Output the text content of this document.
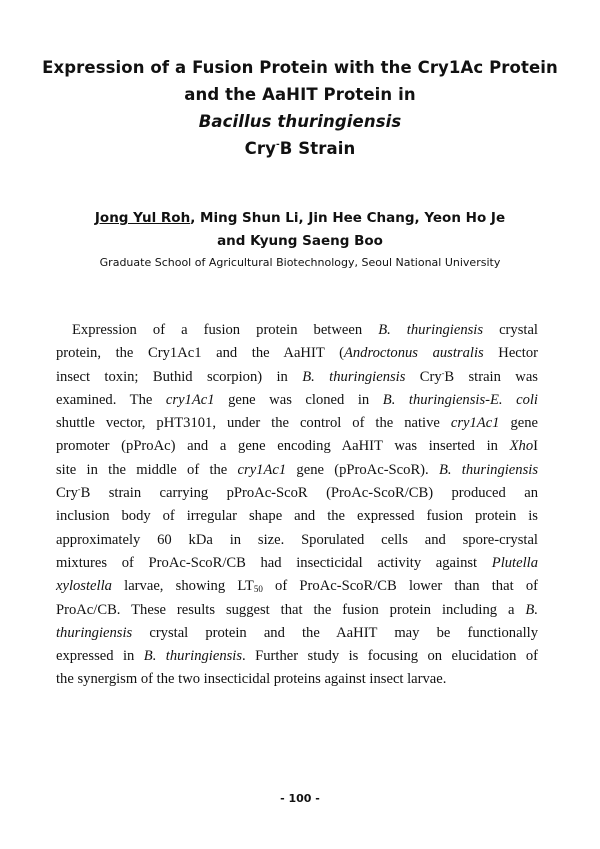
Expression of a Fusion Protein with the Cry1Ac Protein
and the AaHIT Protein in
Bacillus thuringiensis
Cry-B Strain
Jong Yul Roh, Ming Shun Li, Jin Hee Chang, Yeon Ho Je
and Kyung Saeng Boo
Graduate School of Agricultural Biotechnology, Seoul National University
Expression of a fusion protein between B. thuringiensis crystal
protein, the Cry1Ac1 and the AaHIT (Androctonus australis Hector
insect toxin; Buthid scorpion) in B. thuringiensis Cry-B strain was
examined. The cry1Ac1 gene was cloned in B. thuringiensis-E. coli
shuttle vector, pHT3101, under the control of the native cry1Ac1 gene
promoter (pProAc) and a gene encoding AaHIT was inserted in XhoI
site in the middle of the cry1Ac1 gene (pProAc-ScoR). B. thuringiensis
Cry-B strain carrying pProAc-ScoR (ProAc-ScoR/CB) produced an
inclusion body of irregular shape and the expressed fusion protein is
approximately 60 kDa in size. Sporulated cells and spore-crystal
mixtures of ProAc-ScoR/CB had insecticidal activity against Plutella
xylostella larvae, showing $LT_{50}$ of ProAc-ScoR/CB lower than that of
ProAc/CB. These results suggest that the fusion protein including a B.
thuringiensis crystal protein and the AaHIT may be functionally
expressed in B. thuringiensis. Further study is focusing on elucidation of
the synergism of the two insecticidal proteins against insect larvae.
- 100 -
